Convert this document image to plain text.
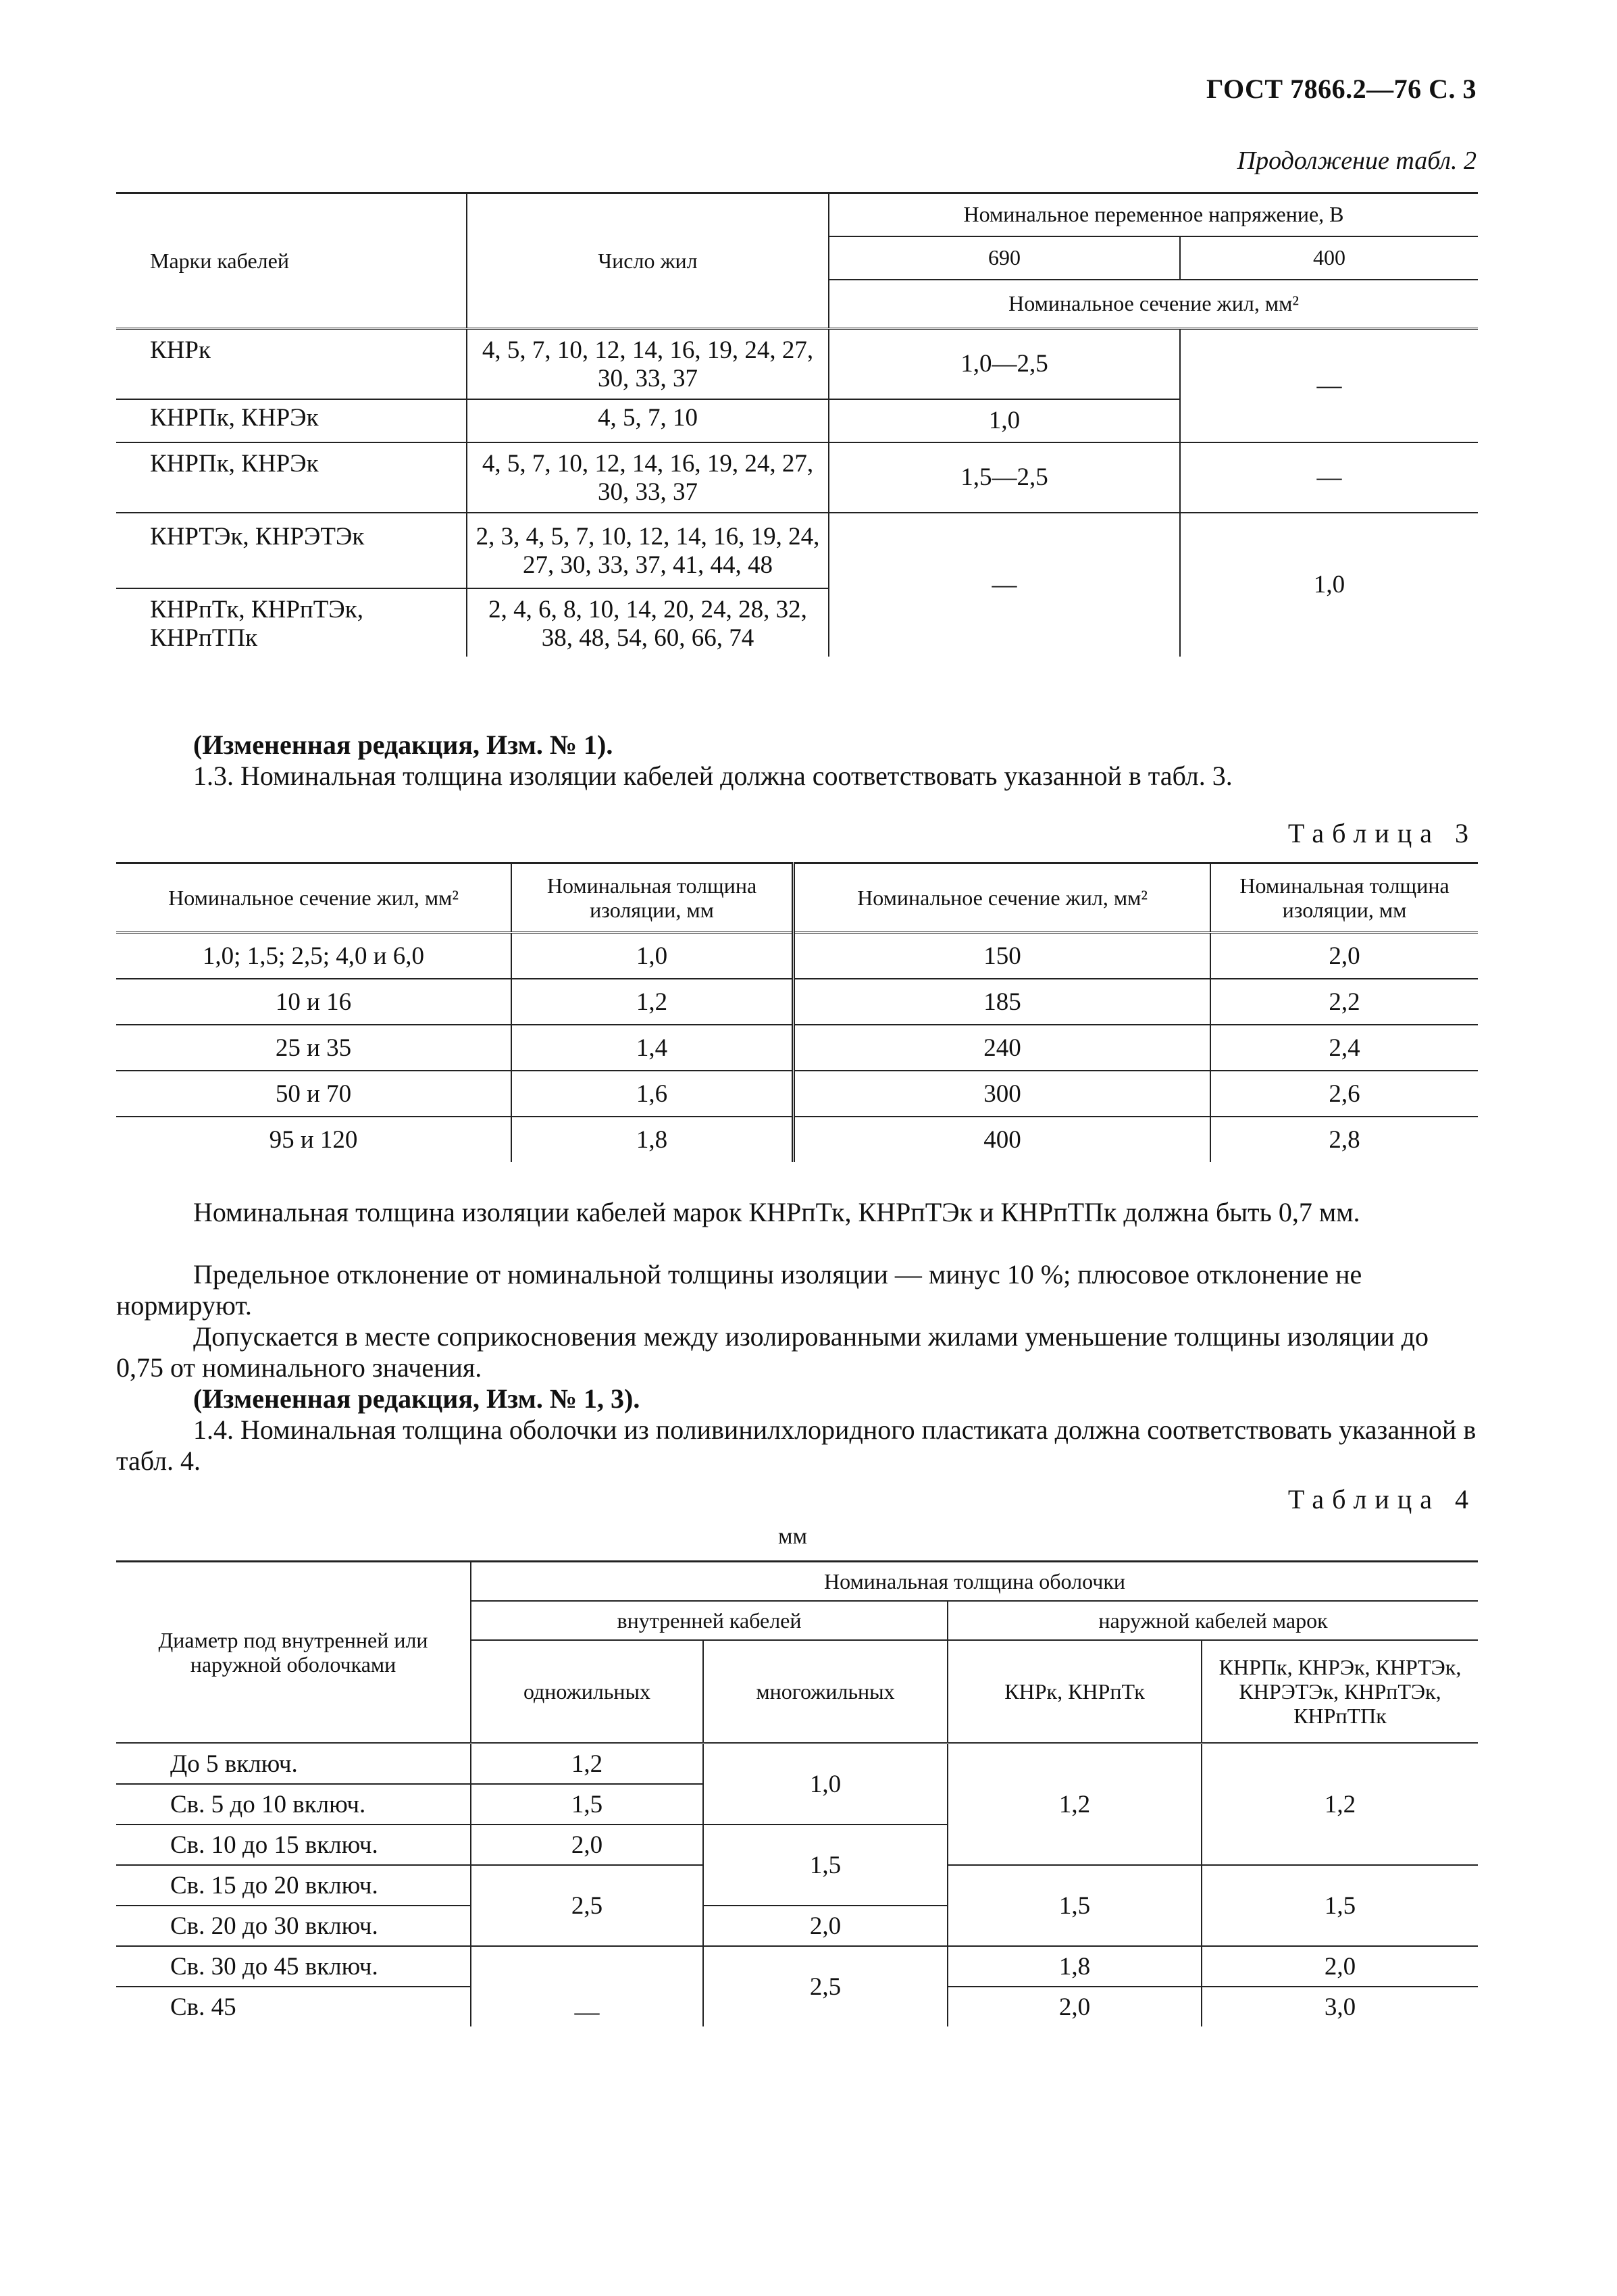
ГОСТ 7866.2—76 С. 3
Продолжение табл. 2
Марки кабелей	Число жил	Номинальное переменное напряжение, В	
		690	400
		Номинальное сечение жил, мм²	
КНРк	4, 5, 7, 10, 12, 14, 16, 19, 24, 27, 30, 33, 37	1,0—2,5	—
КНРПк, КНРЭк	4, 5, 7, 10	1,0	
КНРПк, КНРЭк	4, 5, 7, 10, 12, 14, 16, 19, 24, 27, 30, 33, 37	1,5—2,5	—
КНРТЭк, КНРЭТЭк	2, 3, 4, 5, 7, 10, 12, 14, 16, 19, 24, 27, 30, 33, 37, 41, 44, 48	—	1,0
КНРпТк, КНРпТЭк, КНРпТПк	2, 4, 6, 8, 10, 14, 20, 24, 28, 32, 38, 48, 54, 60, 66, 74		
(Измененная редакция, Изм. № 1).
1.3. Номинальная толщина изоляции кабелей должна соответствовать указанной в табл. 3.
Таблица 3
Номинальное сечение жил, мм²	Номинальная толщина изоляции, мм	Номинальное сечение жил, мм²	Номинальная толщина изоляции, мм
1,0; 1,5; 2,5; 4,0 и 6,0	1,0	150	2,0
10 и 16	1,2	185	2,2
25 и 35	1,4	240	2,4
50 и 70	1,6	300	2,6
95 и 120	1,8	400	2,8
Номинальная толщина изоляции кабелей марок КНРпТк, КНРпТЭк и КНРпТПк должна быть 0,7 мм.
Предельное отклонение от номинальной толщины изоляции — минус 10 %; плюсовое отклонение не нормируют.
Допускается в месте соприкосновения между изолированными жилами уменьшение толщины изоляции до 0,75 от номинального значения.
(Измененная редакция, Изм. № 1, 3).
1.4. Номинальная толщина оболочки из поливинилхлоридного пластиката должна соответствовать указанной в табл. 4.
Таблица 4
мм
Диаметр под внутренней или наружной оболочками	Номинальная толщина оболочки			
	внутренней кабелей		наружной кабелей марок	
	одножильных	многожильных	КНРк, КНРпТк	КНРПк, КНРЭк, КНРТЭк, КНРЭТЭк, КНРпТЭк, КНРпТПк
До 5 включ.	1,2	1,0	1,2	1,2
Св. 5 до 10 включ.	1,5			
Св. 10 до 15 включ.	2,0	1,5		
Св. 15 до 20 включ.	2,5		1,5	1,5
Св. 20 до 30 включ.		2,0		
Св. 30 до 45 включ.	—	2,5	1,8	2,0
Св. 45			2,0	3,0
